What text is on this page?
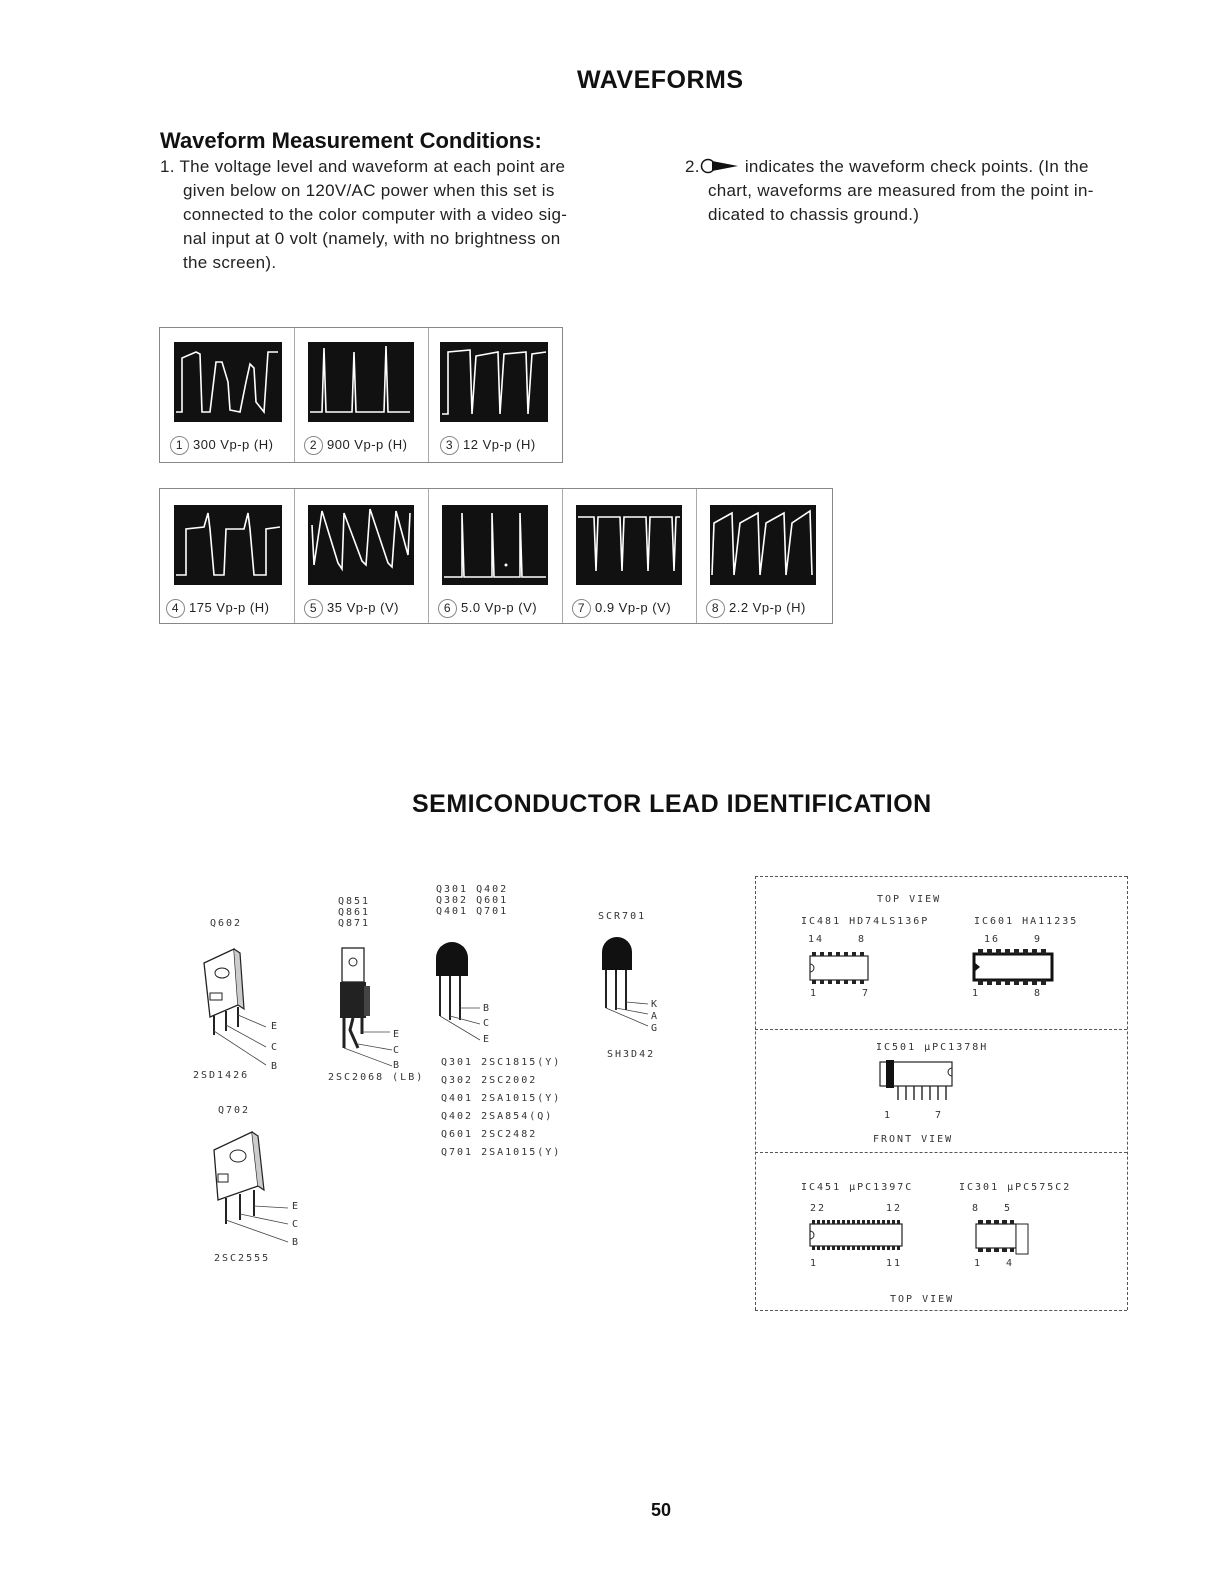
WAVEFORMS
Waveform Measurement Conditions:
1. The voltage level and waveform at each point are
given below on 120V/AC power when this set is
connected to the color computer with a video sig-
nal input at 0 volt (namely, with no brightness on
the screen).
2.	indicates the waveform check points. (In the
chart, waveforms are measured from the point in-
dicated to chassis ground.)
1 300 Vp-p (H)	2 900 Vp-p (H)	3 12 Vp-p (H)
4 175 Vp-p (H)	5 35 Vp-p (V)	6 5.0 Vp-p (V)	7 0.9 Vp-p (V)	8 2.2 Vp-p (H)
SEMICONDUCTOR LEAD IDENTIFICATION
Q602
E
C
B
2SD1426
Q702
E
C
B
2SC2555
Q851
Q861
Q871
E
C
B
2SC2068 (LB)
Q301 Q402
Q302 Q601
Q401 Q701
B
C
E
Q301 2SC1815(Y)
Q302 2SC2002
Q401 2SA1015(Y)
Q402 2SA854(Q)
Q601 2SC2482
Q701 2SA1015(Y)
SCR701
K
A
G
SH3D42
TOP VIEW
IC481 HD74LS136P
14	8
1	7
IC601 HA11235
16	9
1	8
IC501 µPC1378H
1	7
FRONT VIEW
IC451 µPC1397C
22	12
1	11
IC301 µPC575C2
8 5
1 4
TOP VIEW
50
